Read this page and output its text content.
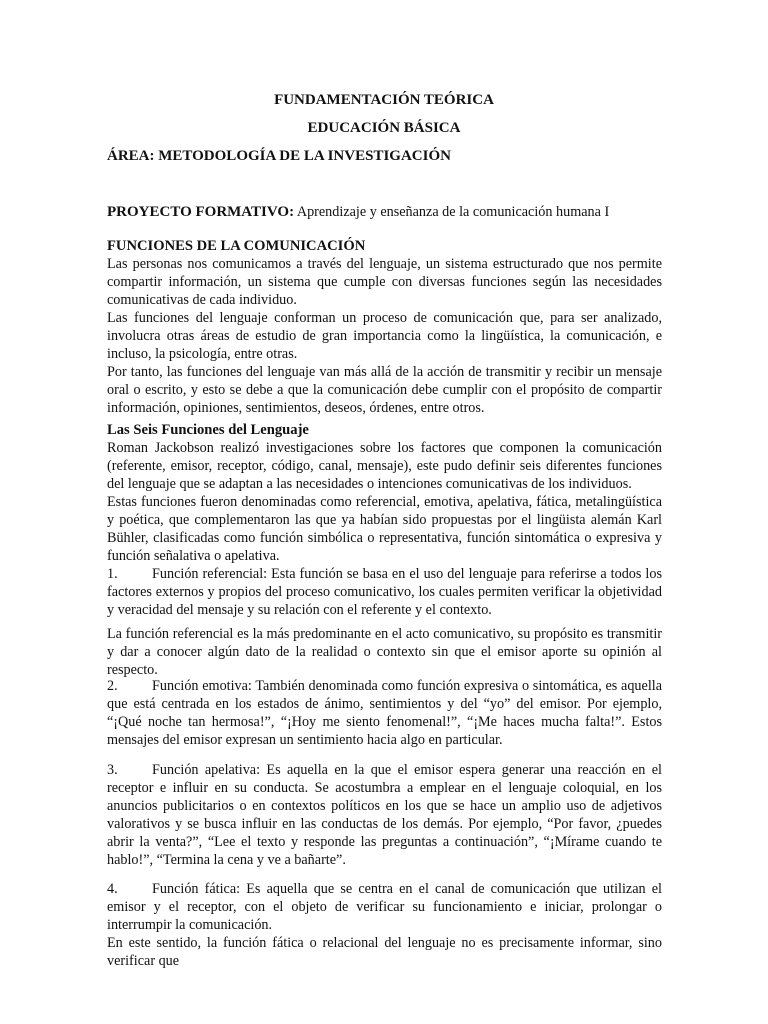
FUNDAMENTACIÓN TEÓRICA
EDUCACIÓN BÁSICA
ÁREA: METODOLOGÍA DE LA INVESTIGACIÓN
PROYECTO FORMATIVO: Aprendizaje y enseñanza de la comunicación humana I

FUNCIONES DE LA COMUNICACIÓN

Las personas nos comunicamos a través del lenguaje, un sistema estructurado que nos permite compartir información, un sistema que cumple con diversas funciones según las necesidades comunicativas de cada individuo.

Las funciones del lenguaje conforman un proceso de comunicación que, para ser analizado, involucra otras áreas de estudio de gran importancia como la lingüística, la comunicación, e incluso, la psicología, entre otras.

Por tanto, las funciones del lenguaje van más allá de la acción de transmitir y recibir un mensaje oral o escrito, y esto se debe a que la comunicación debe cumplir con el propósito de compartir información, opiniones, sentimientos, deseos, órdenes, entre otros.

Las Seis Funciones del Lenguaje

Roman Jackobson realizó investigaciones sobre los factores que componen la comunicación (referente, emisor, receptor, código, canal, mensaje), este pudo definir seis diferentes funciones del lenguaje que se adaptan a las necesidades o intenciones comunicativas de los individuos.

Estas funciones fueron denominadas como referencial, emotiva, apelativa, fática, metalingüística y poética, que complementaron las que ya habían sido propuestas por el lingüista alemán Karl Bühler, clasificadas como función simbólica o representativa, función sintomática o expresiva y función señalativa o apelativa.

1. Función referencial: Esta función se basa en el uso del lenguaje para referirse a todos los factores externos y propios del proceso comunicativo, los cuales permiten verificar la objetividad y veracidad del mensaje y su relación con el referente y el contexto.

La función referencial es la más predominante en el acto comunicativo, su propósito es transmitir y dar a conocer algún dato de la realidad o contexto sin que el emisor aporte su opinión al respecto.

2. Función emotiva: También denominada como función expresiva o sintomática, es aquella que está centrada en los estados de ánimo, sentimientos y del “yo” del emisor. Por ejemplo, “¡Qué noche tan hermosa!”, “¡Hoy me siento fenomenal!”, “¡Me haces mucha falta!”. Estos mensajes del emisor expresan un sentimiento hacia algo en particular.

3. Función apelativa: Es aquella en la que el emisor espera generar una reacción en el receptor e influir en su conducta. Se acostumbra a emplear en el lenguaje coloquial, en los anuncios publicitarios o en contextos políticos en los que se hace un amplio uso de adjetivos valorativos y se busca influir en las conductas de los demás. Por ejemplo, “Por favor, ¿puedes abrir la venta?”, “Lee el texto y responde las preguntas a continuación”, “¡Mírame cuando te hablo!”, “Termina la cena y ve a bañarte”.

4. Función fática: Es aquella que se centra en el canal de comunicación que utilizan el emisor y el receptor, con el objeto de verificar su funcionamiento e iniciar, prolongar o interrumpir la comunicación.

En este sentido, la función fática o relacional del lenguaje no es precisamente informar, sino verificar que
